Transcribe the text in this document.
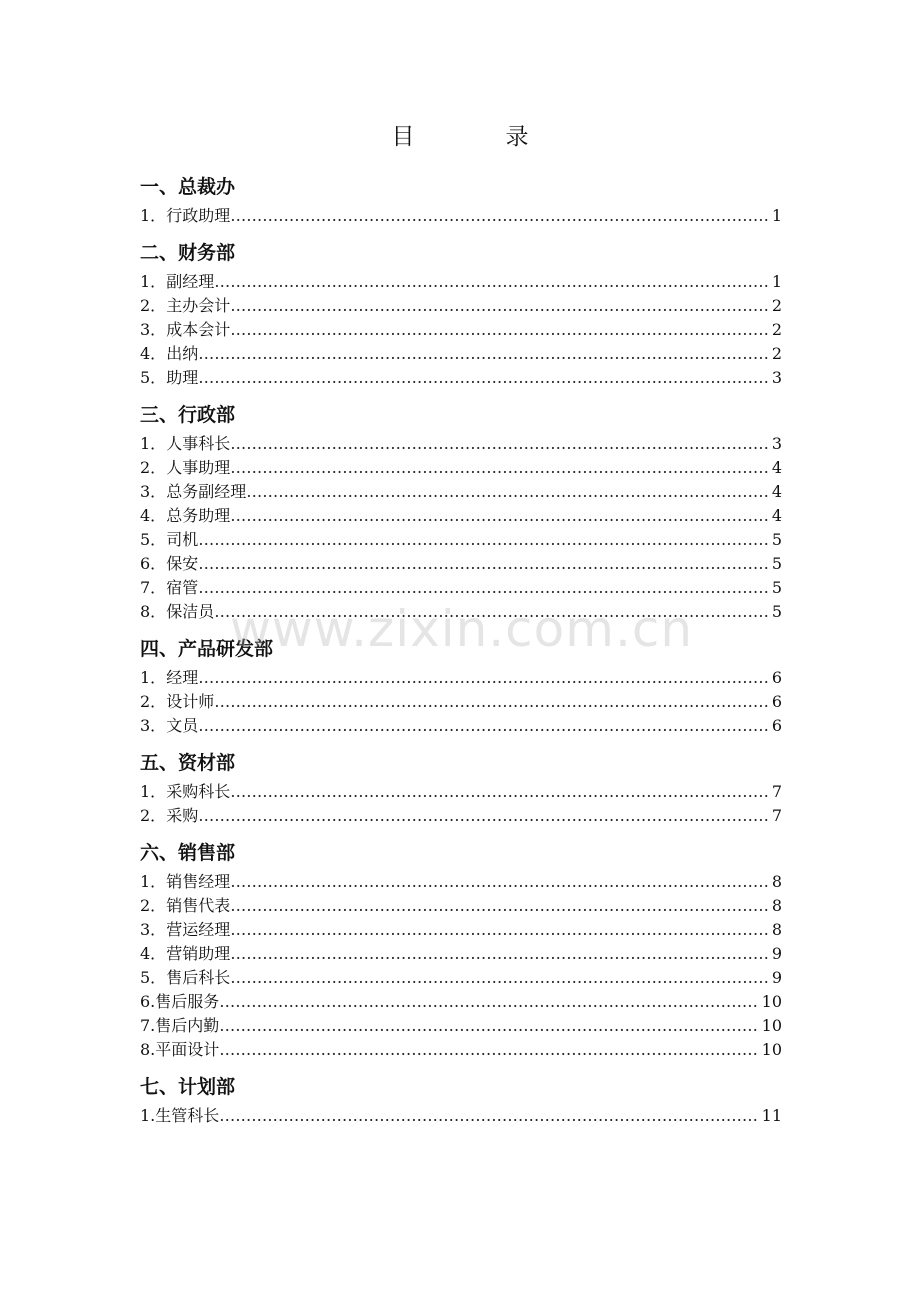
目　录
一、总裁办
1． 行政助理 …………………………………………………………………………………………………………………………………………………………………………………………………	1
二、财务部
1． 副经理 …………………………………………………………………………………………………………………………………………………………………………………………………	1
2． 主办会计 …………………………………………………………………………………………………………………………………………………………………………………………………	2
3． 成本会计 …………………………………………………………………………………………………………………………………………………………………………………………………	2
4． 出纳 …………………………………………………………………………………………………………………………………………………………………………………………………	2
5． 助理 …………………………………………………………………………………………………………………………………………………………………………………………………	3
三、行政部
1． 人事科长 …………………………………………………………………………………………………………………………………………………………………………………………………	3
2． 人事助理 …………………………………………………………………………………………………………………………………………………………………………………………………	4
3． 总务副经理 …………………………………………………………………………………………………………………………………………………………………………………………………	4
4． 总务助理 …………………………………………………………………………………………………………………………………………………………………………………………………	4
5． 司机 …………………………………………………………………………………………………………………………………………………………………………………………………	5
6． 保安 …………………………………………………………………………………………………………………………………………………………………………………………………	5
7． 宿管 …………………………………………………………………………………………………………………………………………………………………………………………………	5
8． 保洁员 …………………………………………………………………………………………………………………………………………………………………………………………………	5
四、产品研发部
1． 经理 …………………………………………………………………………………………………………………………………………………………………………………………………	6
2． 设计师 …………………………………………………………………………………………………………………………………………………………………………………………………	6
3． 文员 …………………………………………………………………………………………………………………………………………………………………………………………………	6
五、资材部
1． 采购科长 …………………………………………………………………………………………………………………………………………………………………………………………………	7
2． 采购 …………………………………………………………………………………………………………………………………………………………………………………………………	7
六、销售部
1． 销售经理 …………………………………………………………………………………………………………………………………………………………………………………………………	8
2． 销售代表 …………………………………………………………………………………………………………………………………………………………………………………………………	8
3． 营运经理 …………………………………………………………………………………………………………………………………………………………………………………………………	8
4． 营销助理 …………………………………………………………………………………………………………………………………………………………………………………………………	9
5． 售后科长 …………………………………………………………………………………………………………………………………………………………………………………………………	9
6. 售后服务 …………………………………………………………………………………………………………………………………………………………………………………………………	10
7. 售后内勤 …………………………………………………………………………………………………………………………………………………………………………………………………	10
8. 平面设计 …………………………………………………………………………………………………………………………………………………………………………………………………	10
七、计划部
1. 生管科长 …………………………………………………………………………………………………………………………………………………………………………………………………	11
www.zixin.com.cn
